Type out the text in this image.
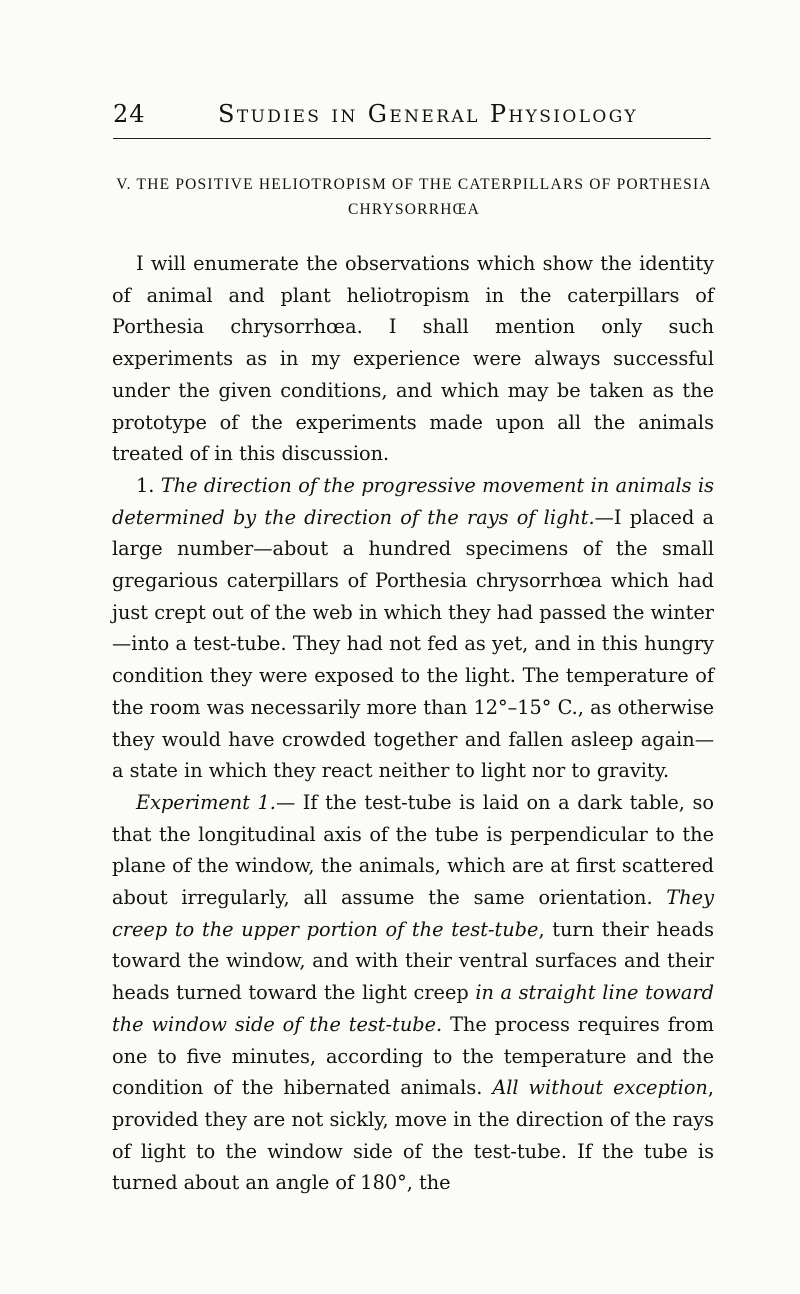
24	Studies in General Physiology
V. THE POSITIVE HELIOTROPISM OF THE CATERPILLARS OF PORTHESIA CHRYSORRHŒA

I will enumerate the observations which show the identity of animal and plant heliotropism in the caterpillars of Porthesia chrysorrhœa. I shall mention only such experiments as in my experience were always successful under the given conditions, and which may be taken as the prototype of the experiments made upon all the animals treated of in this discussion.

1. The direction of the progressive movement in animals is determined by the direction of the rays of light.—I placed a large number—about a hundred specimens of the small gregarious caterpillars of Porthesia chrysorrhœa which had just crept out of the web in which they had passed the winter—into a test-tube. They had not fed as yet, and in this hungry condition they were exposed to the light. The temperature of the room was necessarily more than 12°–15° C., as otherwise they would have crowded together and fallen asleep again—a state in which they react neither to light nor to gravity.

Experiment 1.— If the test-tube is laid on a dark table, so that the longitudinal axis of the tube is perpendicular to the plane of the window, the animals, which are at first scattered about irregularly, all assume the same orientation. They creep to the upper portion of the test-tube, turn their heads toward the window, and with their ventral surfaces and their heads turned toward the light creep in a straight line toward the window side of the test-tube. The process requires from one to five minutes, according to the temperature and the condition of the hibernated animals. All without exception, provided they are not sickly, move in the direction of the rays of light to the window side of the test-tube. If the tube is turned about an angle of 180°, the
